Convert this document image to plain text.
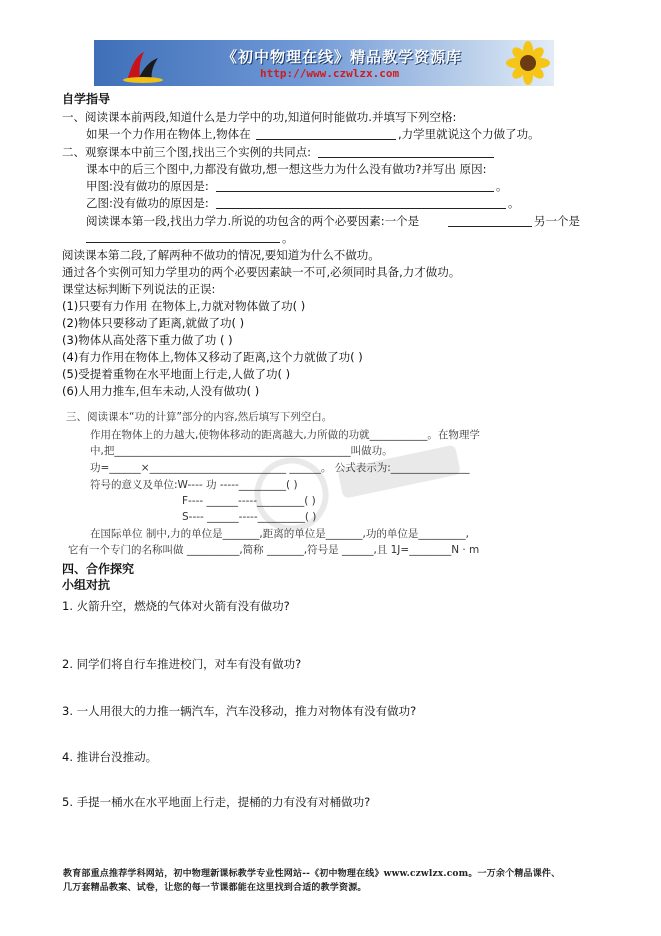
《初中物理在线》精品教学资源库
http://www.czwlzx.com
自学指导
一、阅读课本前两段,知道什么是力学中的功,知道何时能做功.并填写下列空格:
如果一个力作用在物体上,物体在	,力学里就说这个力做了功。
二、观察课本中前三个图,找出三个实例的共同点:
课本中的后三个图中,力都没有做功,想一想这些力为什么没有做功?并写出 原因:
甲图:没有做功的原因是:	。
乙图:没有做功的原因是:	。
阅读课本第一段,找出力学力.所说的功包含的两个必要因素:一个是	另一个是
。
阅读课本第二段,了解两种不做功的情况,要知道为什么不做功。
通过各个实例可知力学里功的两个必要因素缺一不可,必须同时具备,力才做功。
课堂达标判断下列说法的正误:
(1)只要有力作用 在物体上,力就对物体做了功( )
(2)物体只要移动了距离,就做了功( )
(3)物体从高处落下重力做了功 ( )
(4)有力作用在物体上,物体又移动了距离,这个力就做了功( )
(5)受提着重物在水平地面上行走,人做了功( )
(6)人用力推车,但车未动,人没有做功( )
三、阅读课本“功的计算”部分的内容,然后填写下列空白。
作用在物体上的力越大,使物体移动的距离越大,力所做的功就___________。在物理学
中,把_____________________________________________叫做功。
功=______×__________________________ ______。 公式表示为:_______________
符号的意义及单位:W---- 功 -----_________( )
F---- ______-----_________( )
S---- ______-----_________( )
在国际单位 制中,力的单位是_______,距离的单位是_______,功的单位是_________,
它有一个专门的名称叫做 __________,简称 _______,符号是 ______,且 1J=________N · m
四、合作探究
小组对抗
1. 火箭升空，燃烧的气体对火箭有没有做功?
2. 同学们将自行车推进校门，对车有没有做功?
3. 一人用很大的力推一辆汽车，汽车没移动，推力对物体有没有做功?
4. 推讲台没推动。
5. 手提一桶水在水平地面上行走，提桶的力有没有对桶做功?
教育部重点推荐学科网站，初中物理新课标教学专业性网站--《初中物理在线》www.czwlzx.com。一万余个精品课件、
几万套精品教案、试卷，让您的每一节课都能在这里找到合适的教学资源。
